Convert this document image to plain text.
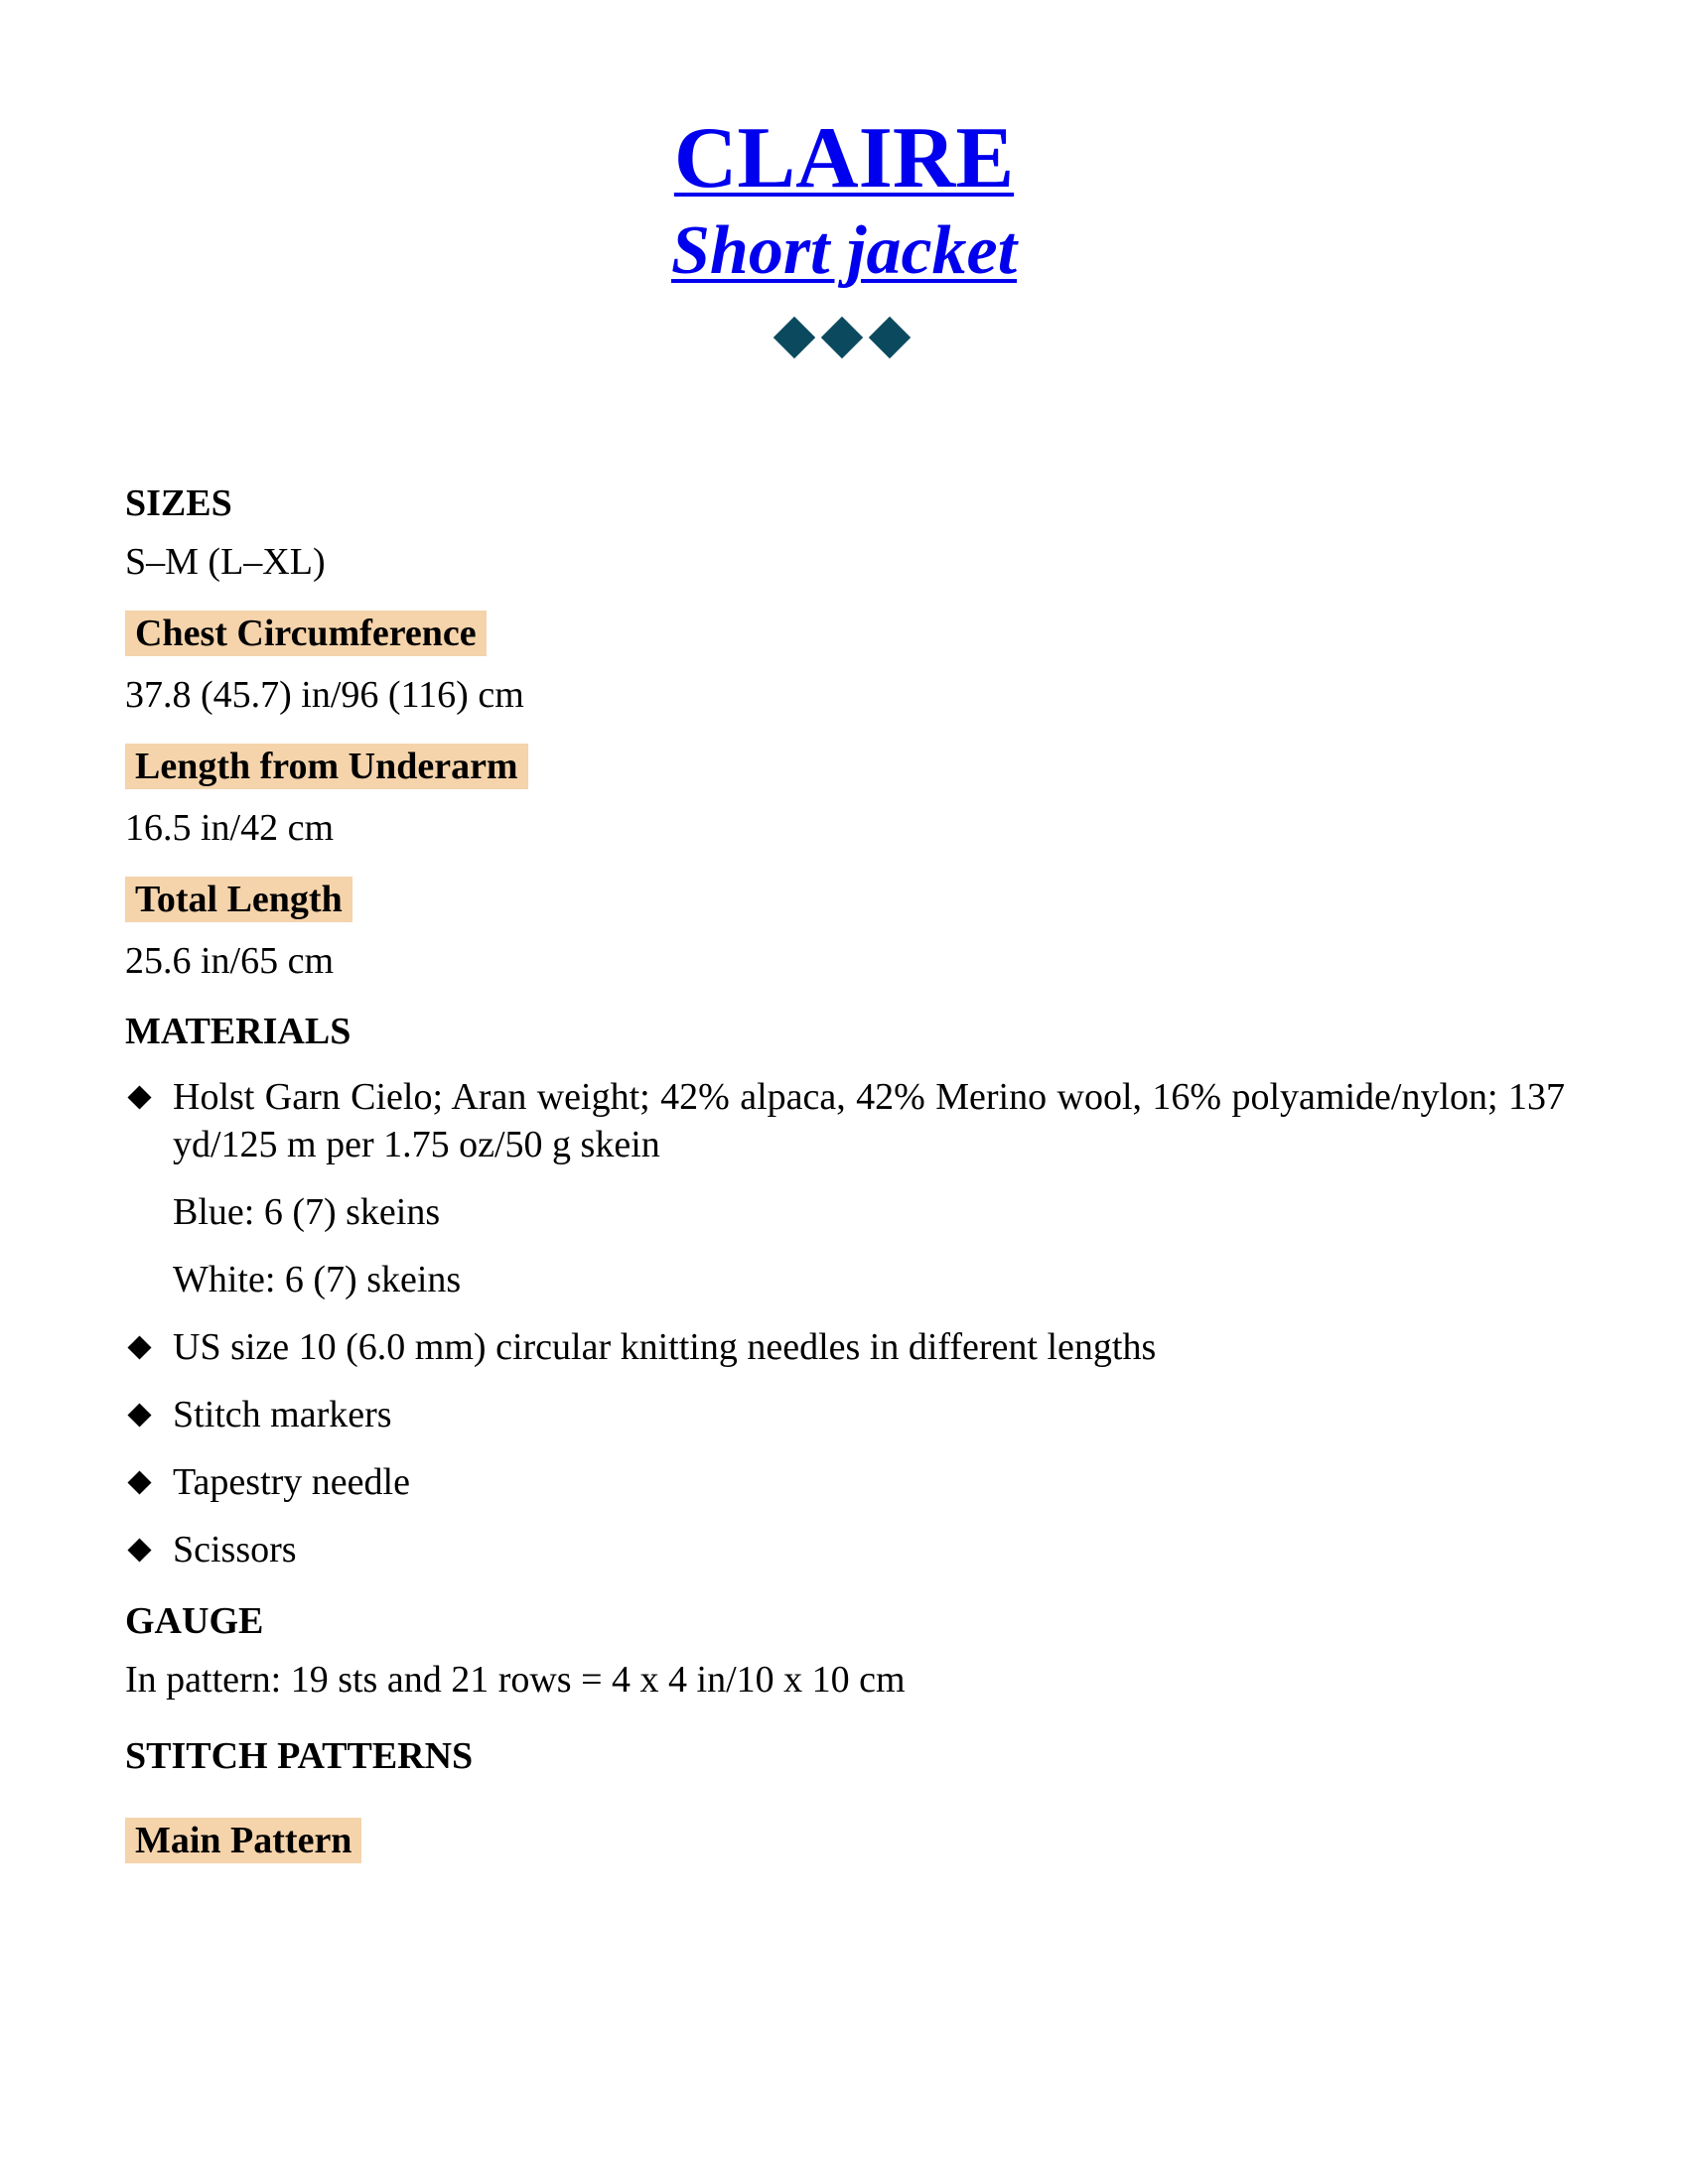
CLAIRE
Short jacket

SIZES

S–M (L–XL)

Chest Circumference

37.8 (45.7) in/96 (116) cm

Length from Underarm

16.5 in/42 cm

Total Length

25.6 in/65 cm

MATERIALS

Holst Garn Cielo; Aran weight; 42% alpaca, 42% Merino wool, 16% polyamide/nylon; 137 yd/125 m per 1.75 oz/50 g skein
Blue: 6 (7) skeins
White: 6 (7) skeins
US size 10 (6.0 mm) circular knitting needles in different lengths
Stitch markers
Tapestry needle
Scissors

GAUGE

In pattern: 19 sts and 21 rows = 4 x 4 in/10 x 10 cm

STITCH PATTERNS

Main Pattern
